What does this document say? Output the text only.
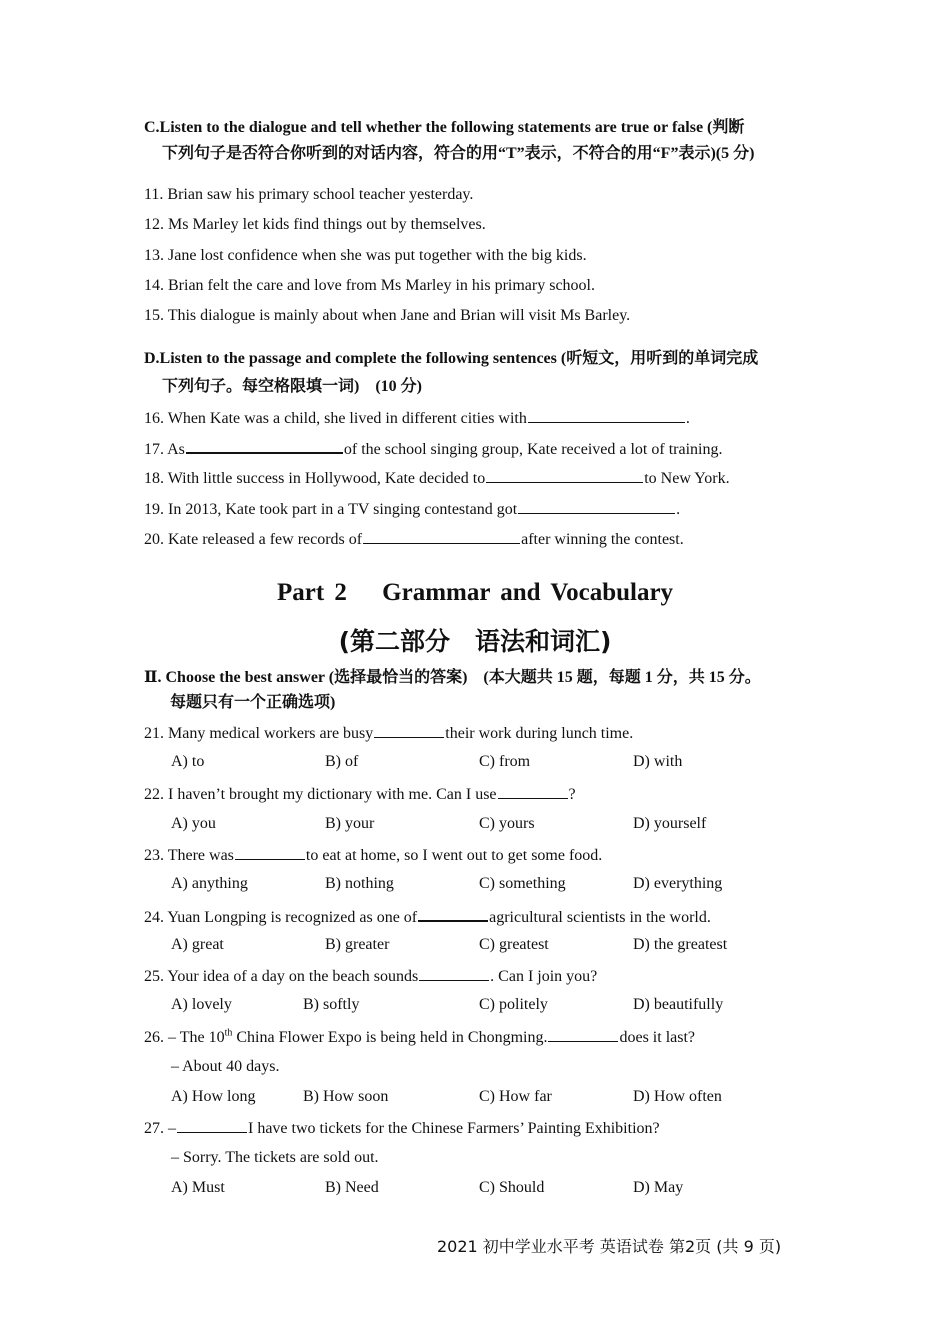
C.Listen to the dialogue and tell whether the following statements are true or false (判断
下列句子是否符合你听到的对话内容，符合的用“T”表示，不符合的用“F”表示)(5 分)
11. Brian saw his primary school teacher yesterday.
12. Ms Marley let kids find things out by themselves.
13. Jane lost confidence when she was put together with the big kids.
14. Brian felt the care and love from Ms Marley in his primary school.
15. This dialogue is mainly about when Jane and Brian will visit Ms Barley.
D.Listen to the passage and complete the following sentences (听短文，用听到的单词完成
下列句子。每空格限填一词)　(10 分)
16. When Kate was a child, she lived in different cities with	.
17. As	of the school singing group, Kate received a lot of training.
18. With little success in Hollywood, Kate decided to	to New York.
19. In 2013, Kate took part in a TV singing contestand got	.
20. Kate released a few records of	after winning the contest.
Part 2　 Grammar and Vocabulary
(第二部分　语法和词汇)
Ⅱ. Choose the best answer (选择最恰当的答案)　(本大题共 15 题，每题 1 分，共 15 分。
每题只有一个正确选项)
21. Many medical workers are busy	their work during lunch time.
A) to	B) of	C) from	D) with
22. I haven’t brought my dictionary with me. Can I use	?
A) you	B) your	C) yours	D) yourself
23. There was	to eat at home, so I went out to get some food.
A) anything	B) nothing	C) something	D) everything
24. Yuan Longping is recognized as one of	agricultural scientists in the world.
A) great	B) greater	C) greatest	D) the greatest
25. Your idea of a day on the beach sounds	. Can I join you?
A) lovely	B) softly	C) politely	D) beautifully
26. – The 10th China Flower Expo is being held in Chongming.	does it last?
– About 40 days.
A) How long	B) How soon	C) How far	D) How often
27. –	I have two tickets for the Chinese Farmers’ Painting Exhibition?
– Sorry. The tickets are sold out.
A) Must	B) Need	C) Should	D) May
2021 初中学业水平考 英语试卷 第2页 (共 9 页)
